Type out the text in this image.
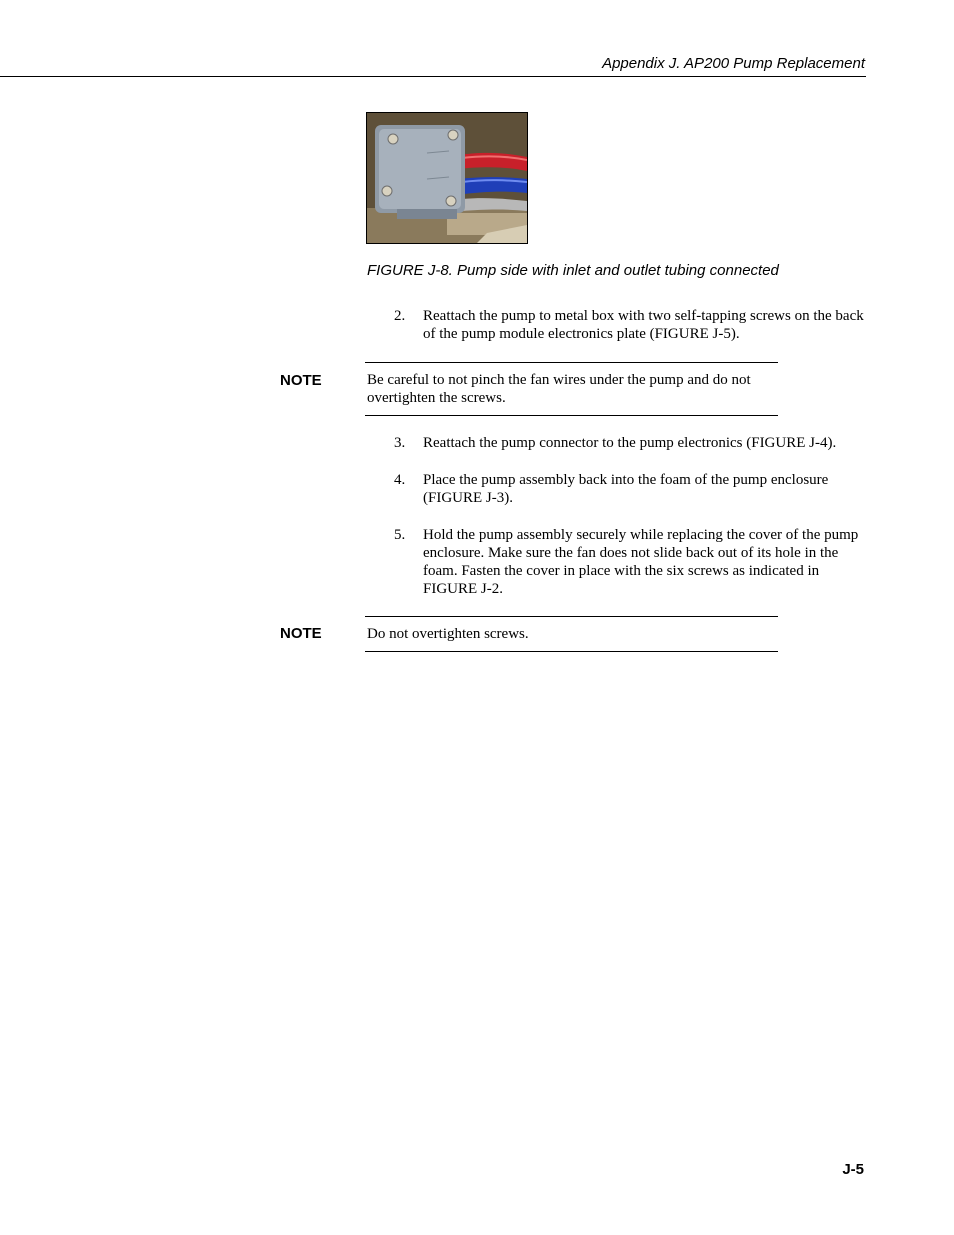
Appendix J. AP200 Pump Replacement
FIGURE J-8. Pump side with inlet and outlet tubing connected
2. Reattach the pump to metal box with two self-tapping screws on the back of the pump module electronics plate (FIGURE J-5).
NOTE	Be careful to not pinch the fan wires under the pump and do not overtighten the screws.
3. Reattach the pump connector to the pump electronics (FIGURE J-4).
4. Place the pump assembly back into the foam of the pump enclosure (FIGURE J-3).
5. Hold the pump assembly securely while replacing the cover of the pump enclosure. Make sure the fan does not slide back out of its hole in the foam. Fasten the cover in place with the six screws as indicated in FIGURE J-2.
NOTE	Do not overtighten screws.
J-5
